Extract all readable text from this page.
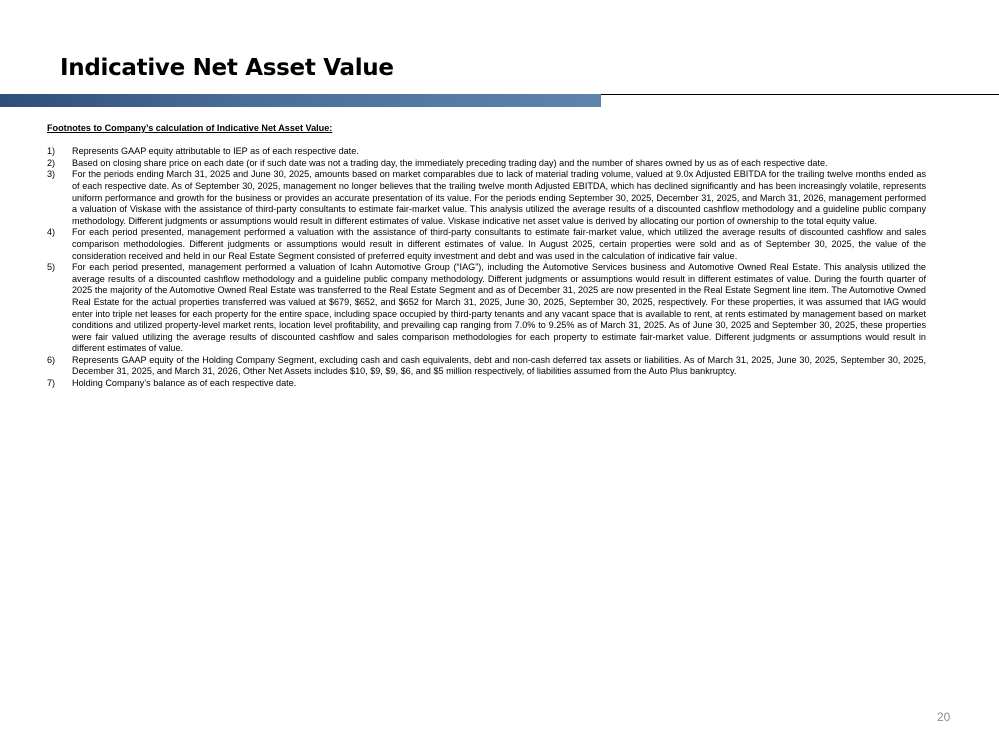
Indicative Net Asset Value

Footnotes to Company’s calculation of Indicative Net Asset Value:

1)	Represents GAAP equity attributable to IEP as of each respective date.
2)	Based on closing share price on each date (or if such date was not a trading day, the immediately preceding trading day) and the number of shares owned by us as of each respective date.
3)	For the periods ending March 31, 2025 and June 30, 2025, amounts based on market comparables due to lack of material trading volume, valued at 9.0x Adjusted EBITDA for the trailing twelve months ended as of each respective date. As of September 30, 2025, management no longer believes that the trailing twelve month Adjusted EBITDA, which has declined significantly and has been increasingly volatile, represents uniform performance and growth for the business or provides an accurate presentation of its value. For the periods ending September 30, 2025, December 31, 2025, and March 31, 2026, management performed a valuation of Viskase with the assistance of third-party consultants to estimate fair-market value. This analysis utilized the average results of a discounted cashflow methodology and a guideline public company methodology. Different judgments or assumptions would result in different estimates of value. Viskase indicative net asset value is derived by allocating our portion of ownership to the total equity value.
4)	For each period presented, management performed a valuation with the assistance of third-party consultants to estimate fair-market value, which utilized the average results of discounted cashflow and sales comparison methodologies. Different judgments or assumptions would result in different estimates of value. In August 2025, certain properties were sold and as of September 30, 2025, the value of the consideration received and held in our Real Estate Segment consisted of preferred equity investment and debt and was used in the calculation of indicative fair value.
5)	For each period presented, management performed a valuation of Icahn Automotive Group (“IAG”), including the Automotive Services business and Automotive Owned Real Estate. This analysis utilized the average results of a discounted cashflow methodology and a guideline public company methodology. Different judgments or assumptions would result in different estimates of value. During the fourth quarter of 2025 the majority of the Automotive Owned Real Estate was transferred to the Real Estate Segment and as of December 31, 2025 are now presented in the Real Estate Segment line item. The Automotive Owned Real Estate for the actual properties transferred was valued at $679, $652, and $652 for March 31, 2025, June 30, 2025, September 30, 2025, respectively. For these properties, it was assumed that IAG would enter into triple net leases for each property for the entire space, including space occupied by third-party tenants and any vacant space that is available to rent, at rents estimated by management based on market conditions and utilized property-level market rents, location level profitability, and prevailing cap ranging from 7.0% to 9.25% as of March 31, 2025. As of June 30, 2025 and September 30, 2025, these properties were fair valued utilizing the average results of discounted cashflow and sales comparison methodologies for each property to estimate fair-market value. Different judgments or assumptions would result in different estimates of value.
6)	Represents GAAP equity of the Holding Company Segment, excluding cash and cash equivalents, debt and non-cash deferred tax assets or liabilities. As of March 31, 2025, June 30, 2025, September 30, 2025, December 31, 2025, and March 31, 2026, Other Net Assets includes $10, $9, $9, $6, and $5 million respectively, of liabilities assumed from the Auto Plus bankruptcy.
7)	Holding Company’s balance as of each respective date.
20
